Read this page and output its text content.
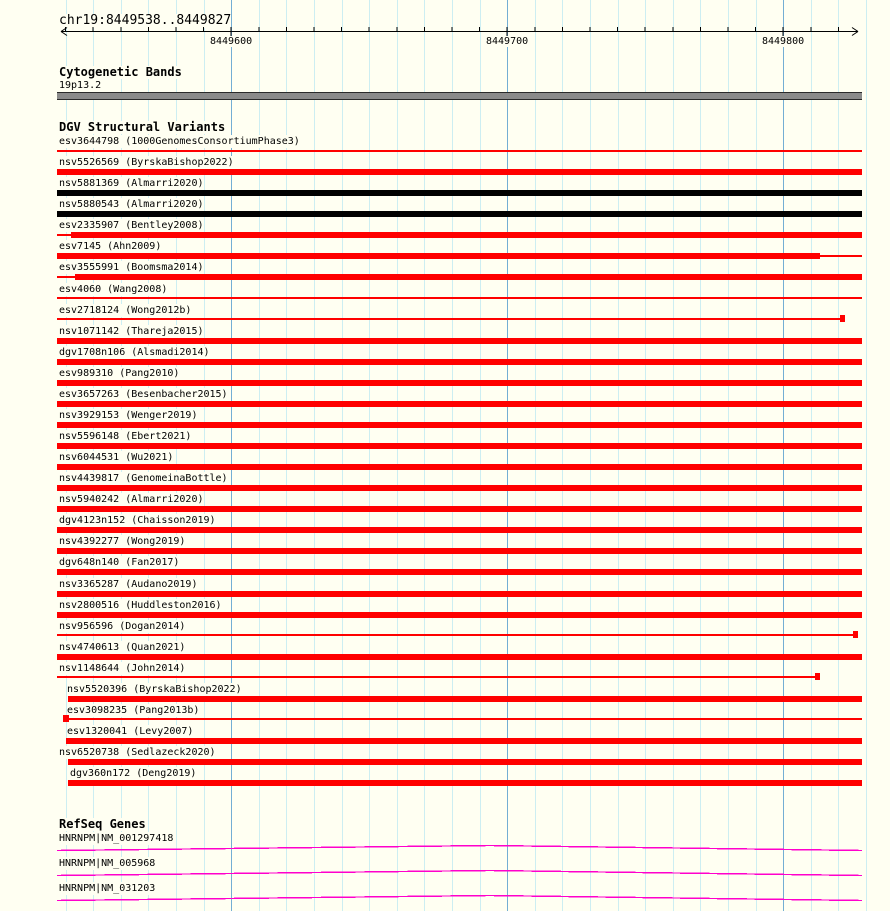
chr19:8449538..8449827
8449600	8449700	8449800
Cytogenetic Bands
19p13.2
DGV Structural Variants
esv3644798 (1000GenomesConsortiumPhase3)
nsv5526569 (ByrskaBishop2022)
nsv5881369 (Almarri2020)
nsv5880543 (Almarri2020)
esv2335907 (Bentley2008)
esv7145 (Ahn2009)
esv3555991 (Boomsma2014)
esv4060 (Wang2008)
esv2718124 (Wong2012b)
nsv1071142 (Thareja2015)
dgv1708n106 (Alsmadi2014)
esv989310 (Pang2010)
esv3657263 (Besenbacher2015)
nsv3929153 (Wenger2019)
nsv5596148 (Ebert2021)
nsv6044531 (Wu2021)
nsv4439817 (GenomeinaBottle)
nsv5940242 (Almarri2020)
dgv4123n152 (Chaisson2019)
nsv4392277 (Wong2019)
dgv648n140 (Fan2017)
nsv3365287 (Audano2019)
nsv2800516 (Huddleston2016)
nsv956596 (Dogan2014)
nsv4740613 (Quan2021)
nsv1148644 (John2014)
nsv5520396 (ByrskaBishop2022)
esv3098235 (Pang2013b)
esv1320041 (Levy2007)
nsv6520738 (Sedlazeck2020)
dgv360n172 (Deng2019)
RefSeq Genes
HNRNPM|NM_001297418
HNRNPM|NM_005968
HNRNPM|NM_031203
